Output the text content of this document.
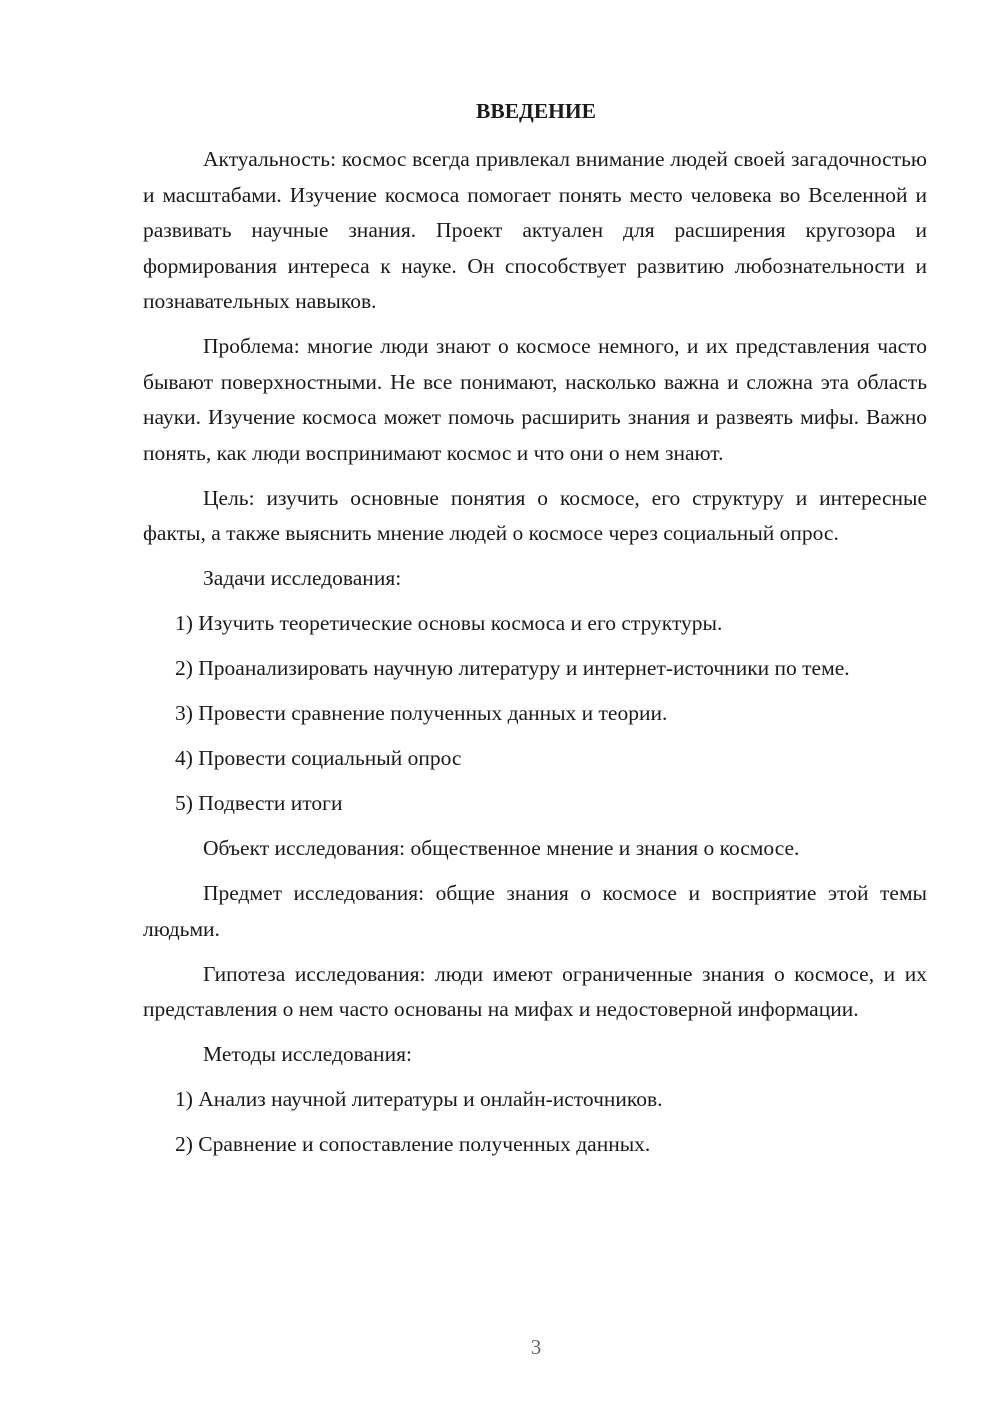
ВВЕДЕНИЕ

Актуальность: космос всегда привлекал внимание людей своей загадочностью и масштабами. Изучение космоса помогает понять место человека во Вселенной и развивать научные знания. Проект актуален для расширения кругозора и формирования интереса к науке. Он способствует развитию любознательности и познавательных навыков.

Проблема: многие люди знают о космосе немного, и их представления часто бывают поверхностными. Не все понимают, насколько важна и сложна эта область науки. Изучение космоса может помочь расширить знания и развеять мифы. Важно понять, как люди воспринимают космос и что они о нем знают.

Цель: изучить основные понятия о космосе, его структуру и интересные факты, а также выяснить мнение людей о космосе через социальный опрос.

Задачи исследования:

1) Изучить теоретические основы космоса и его структуры.

2) Проанализировать научную литературу и интернет-источники по теме.

3) Провести сравнение полученных данных и теории.

4) Провести социальный опрос

5) Подвести итоги

Объект исследования: общественное мнение и знания о космосе.

Предмет исследования: общие знания о космосе и восприятие этой темы людьми.

Гипотеза исследования: люди имеют ограниченные знания о космосе, и их представления о нем часто основаны на мифах и недостоверной информации.

Методы исследования:

1) Анализ научной литературы и онлайн-источников.

2) Сравнение и сопоставление полученных данных.

3
